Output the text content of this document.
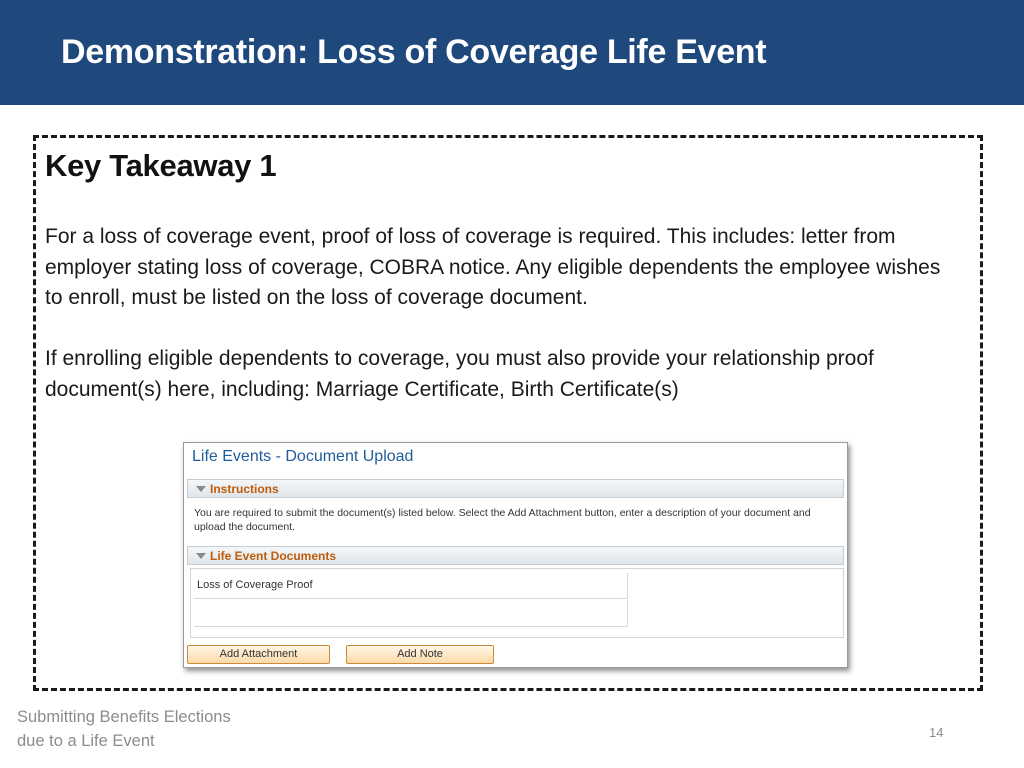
Demonstration: Loss of Coverage Life Event
Key Takeaway 1

For a loss of coverage event, proof of loss of coverage is required. This includes: letter from employer stating loss of coverage, COBRA notice. Any eligible dependents the employee wishes to enroll, must be listed on the loss of coverage document.

If enrolling eligible dependents to coverage, you must also provide your relationship proof document(s) here, including: Marriage Certificate, Birth Certificate(s)

Life Events - Document Upload
Instructions
You are required to submit the document(s) listed below. Select the Add Attachment button, enter a description of your document and upload the document.
Life Event Documents
Loss of Coverage Proof
Add Attachment	Add Note
Submitting Benefits Elections
due to a Life Event	14
